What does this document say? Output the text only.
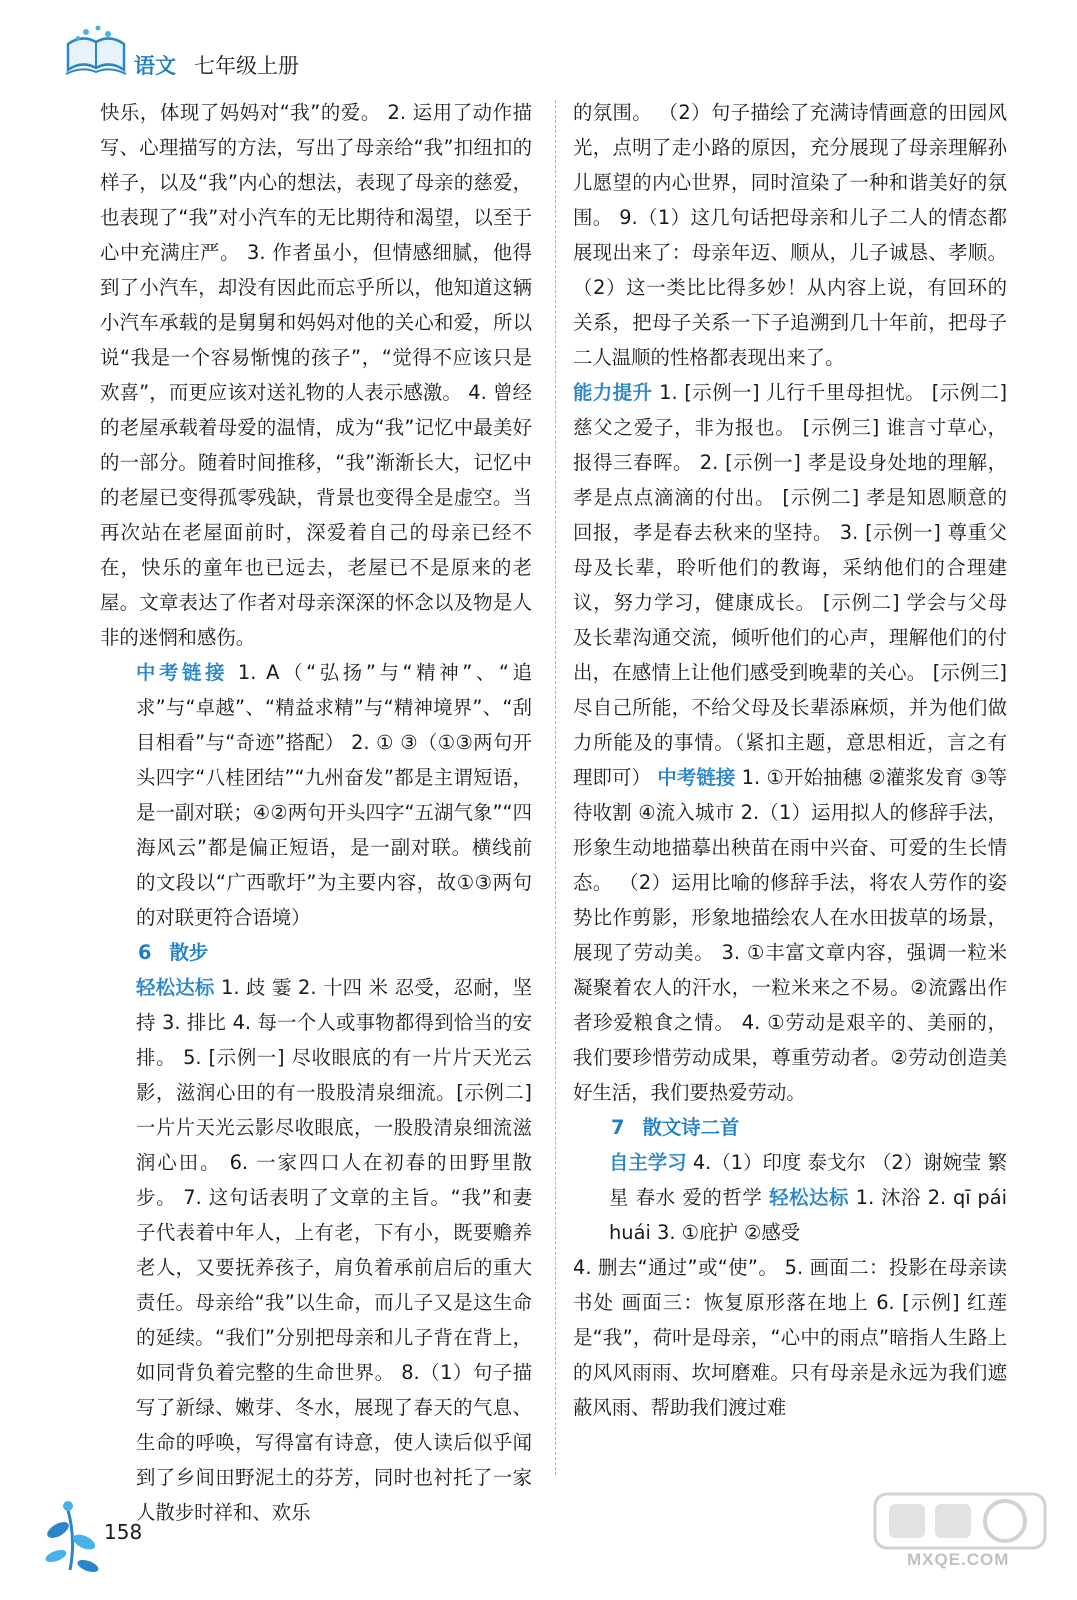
语文 七年级上册

快乐，体现了妈妈对“我”的爱。 2. 运用了动作描写、心理描写的方法，写出了母亲给“我”扣纽扣的样子，以及“我”内心的想法，表现了母亲的慈爱，也表现了“我”对小汽车的无比期待和渴望，以至于心中充满庄严。 3. 作者虽小，但情感细腻，他得到了小汽车，却没有因此而忘乎所以，他知道这辆小汽车承载的是舅舅和妈妈对他的关心和爱，所以说“我是一个容易惭愧的孩子”，“觉得不应该只是欢喜”，而更应该对送礼物的人表示感激。 4. 曾经的老屋承载着母爱的温情，成为“我”记忆中最美好的一部分。随着时间推移，“我”渐渐长大，记忆中的老屋已变得孤零残缺，背景也变得全是虚空。当再次站在老屋面前时，深爱着自己的母亲已经不在，快乐的童年也已远去，老屋已不是原来的老屋。文章表达了作者对母亲深深的怀念以及物是人非的迷惘和感伤。

中考链接 1. A（“弘扬”与“精神”、“追求”与“卓越”、“精益求精”与“精神境界”、“刮目相看”与“奇迹”搭配） 2. ① ③（①③两句开头四字“八桂团结”“九州奋发”都是主谓短语，是一副对联；④②两句开头四字“五湖气象”“四海风云”都是偏正短语，是一副对联。横线前的文段以“广西歌圩”为主要内容，故①③两句的对联更符合语境）

6 散步

轻松达标 1. 歧 霎 2. 十四 米 忍受，忍耐，坚持 3. 排比 4. 每一个人或事物都得到恰当的安排。 5. [示例一] 尽收眼底的有一片片天光云影，滋润心田的有一股股清泉细流。[示例二] 一片片天光云影尽收眼底，一股股清泉细流滋润心田。 6. 一家四口人在初春的田野里散步。 7. 这句话表明了文章的主旨。“我”和妻子代表着中年人，上有老，下有小，既要赡养老人，又要抚养孩子，肩负着承前启后的重大责任。母亲给“我”以生命，而儿子又是这生命的延续。“我们”分别把母亲和儿子背在背上，如同背负着完整的生命世界。 8.（1）句子描写了新绿、嫩芽、冬水，展现了春天的气息、生命的呼唤，写得富有诗意，使人读后似乎闻到了乡间田野泥土的芬芳，同时也衬托了一家人散步时祥和、欢乐

的氛围。 （2）句子描绘了充满诗情画意的田园风光，点明了走小路的原因，充分展现了母亲理解孙儿愿望的内心世界，同时渲染了一种和谐美好的氛围。 9.（1）这几句话把母亲和儿子二人的情态都展现出来了：母亲年迈、顺从，儿子诚恳、孝顺。 （2）这一类比比得多妙！从内容上说，有回环的关系，把母子关系一下子追溯到几十年前，把母子二人温顺的性格都表现出来了。

能力提升 1. [示例一] 儿行千里母担忧。 [示例二] 慈父之爱子，非为报也。 [示例三] 谁言寸草心，报得三春晖。 2. [示例一] 孝是设身处地的理解，孝是点点滴滴的付出。 [示例二] 孝是知恩顺意的回报，孝是春去秋来的坚持。 3. [示例一] 尊重父母及长辈，聆听他们的教诲，采纳他们的合理建议，努力学习，健康成长。 [示例二] 学会与父母及长辈沟通交流，倾听他们的心声，理解他们的付出，在感情上让他们感受到晚辈的关心。 [示例三] 尽自己所能，不给父母及长辈添麻烦，并为他们做力所能及的事情。（紧扣主题，意思相近，言之有理即可） 中考链接 1. ①开始抽穗 ②灌浆发育 ③等待收割 ④流入城市 2.（1）运用拟人的修辞手法，形象生动地描摹出秧苗在雨中兴奋、可爱的生长情态。 （2）运用比喻的修辞手法，将农人劳作的姿势比作剪影，形象地描绘农人在水田拔草的场景，展现了劳动美。 3. ①丰富文章内容，强调一粒米凝聚着农人的汗水，一粒米来之不易。②流露出作者珍爱粮食之情。 4. ①劳动是艰辛的、美丽的，我们要珍惜劳动成果，尊重劳动者。②劳动创造美好生活，我们要热爱劳动。

7 散文诗二首

自主学习 4.（1）印度 泰戈尔 （2）谢婉莹 繁星 春水 爱的哲学 轻松达标 1. 沐浴 2. qī pái huái 3. ①庇护 ②感受

4. 删去“通过”或“使”。 5. 画面二：投影在母亲读书处 画面三：恢复原形落在地上 6. [示例] 红莲是“我”，荷叶是母亲，“心中的雨点”暗指人生路上的风风雨雨、坎坷磨难。只有母亲是永远为我们遮蔽风雨、帮助我们渡过难

158
MXQE.COM
